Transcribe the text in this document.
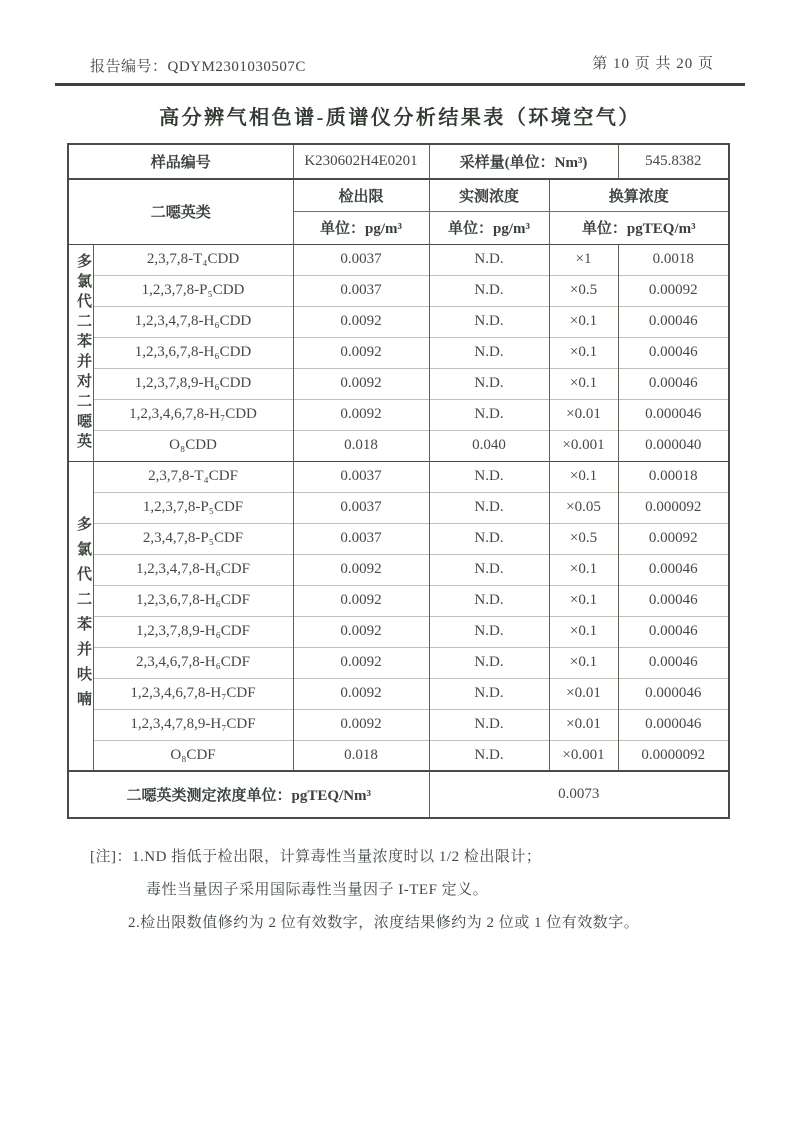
报告编号：QDYM2301030507C	第 10 页 共 20 页
高分辨气相色谱-质谱仪分析结果表（环境空气）
样品编号		K230602H4E0201	采样量(单位：Nm³)		545.8382
二噁英类		检出限	实测浓度	换算浓度	
		单位：pg/m³	单位：pg/m³	单位：pgTEQ/m³	

多氯代二苯并对二噁英	2,3,7,8-T₄CDD	0.0037	N.D.	×1	0.0018
	1,2,3,7,8-P₅CDD	0.0037	N.D.	×0.5	0.00092
	1,2,3,4,7,8-H₆CDD	0.0092	N.D.	×0.1	0.00046
	1,2,3,6,7,8-H₆CDD	0.0092	N.D.	×0.1	0.00046
	1,2,3,7,8,9-H₆CDD	0.0092	N.D.	×0.1	0.00046
	1,2,3,4,6,7,8-H₇CDD	0.0092	N.D.	×0.01	0.000046
	O₈CDD	0.018	0.040	×0.001	0.000040

多氯代二苯并呋喃	2,3,7,8-T₄CDF	0.0037	N.D.	×0.1	0.00018
	1,2,3,7,8-P₅CDF	0.0037	N.D.	×0.05	0.000092
	2,3,4,7,8-P₅CDF	0.0037	N.D.	×0.5	0.00092
	1,2,3,4,7,8-H₆CDF	0.0092	N.D.	×0.1	0.00046
	1,2,3,6,7,8-H₆CDF	0.0092	N.D.	×0.1	0.00046
	1,2,3,7,8,9-H₆CDF	0.0092	N.D.	×0.1	0.00046
	2,3,4,6,7,8-H₆CDF	0.0092	N.D.	×0.1	0.00046
	1,2,3,4,6,7,8-H₇CDF	0.0092	N.D.	×0.01	0.000046
	1,2,3,4,7,8,9-H₇CDF	0.0092	N.D.	×0.01	0.000046
	O₈CDF	0.018	N.D.	×0.001	0.0000092
二噁英类测定浓度单位：pgTEQ/Nm³			0.0073		
[注]：1.ND 指低于检出限，计算毒性当量浓度时以 1/2 检出限计；
毒性当量因子采用国际毒性当量因子 I-TEF 定义。
2.检出限数值修约为 2 位有效数字，浓度结果修约为 2 位或 1 位有效数字。
